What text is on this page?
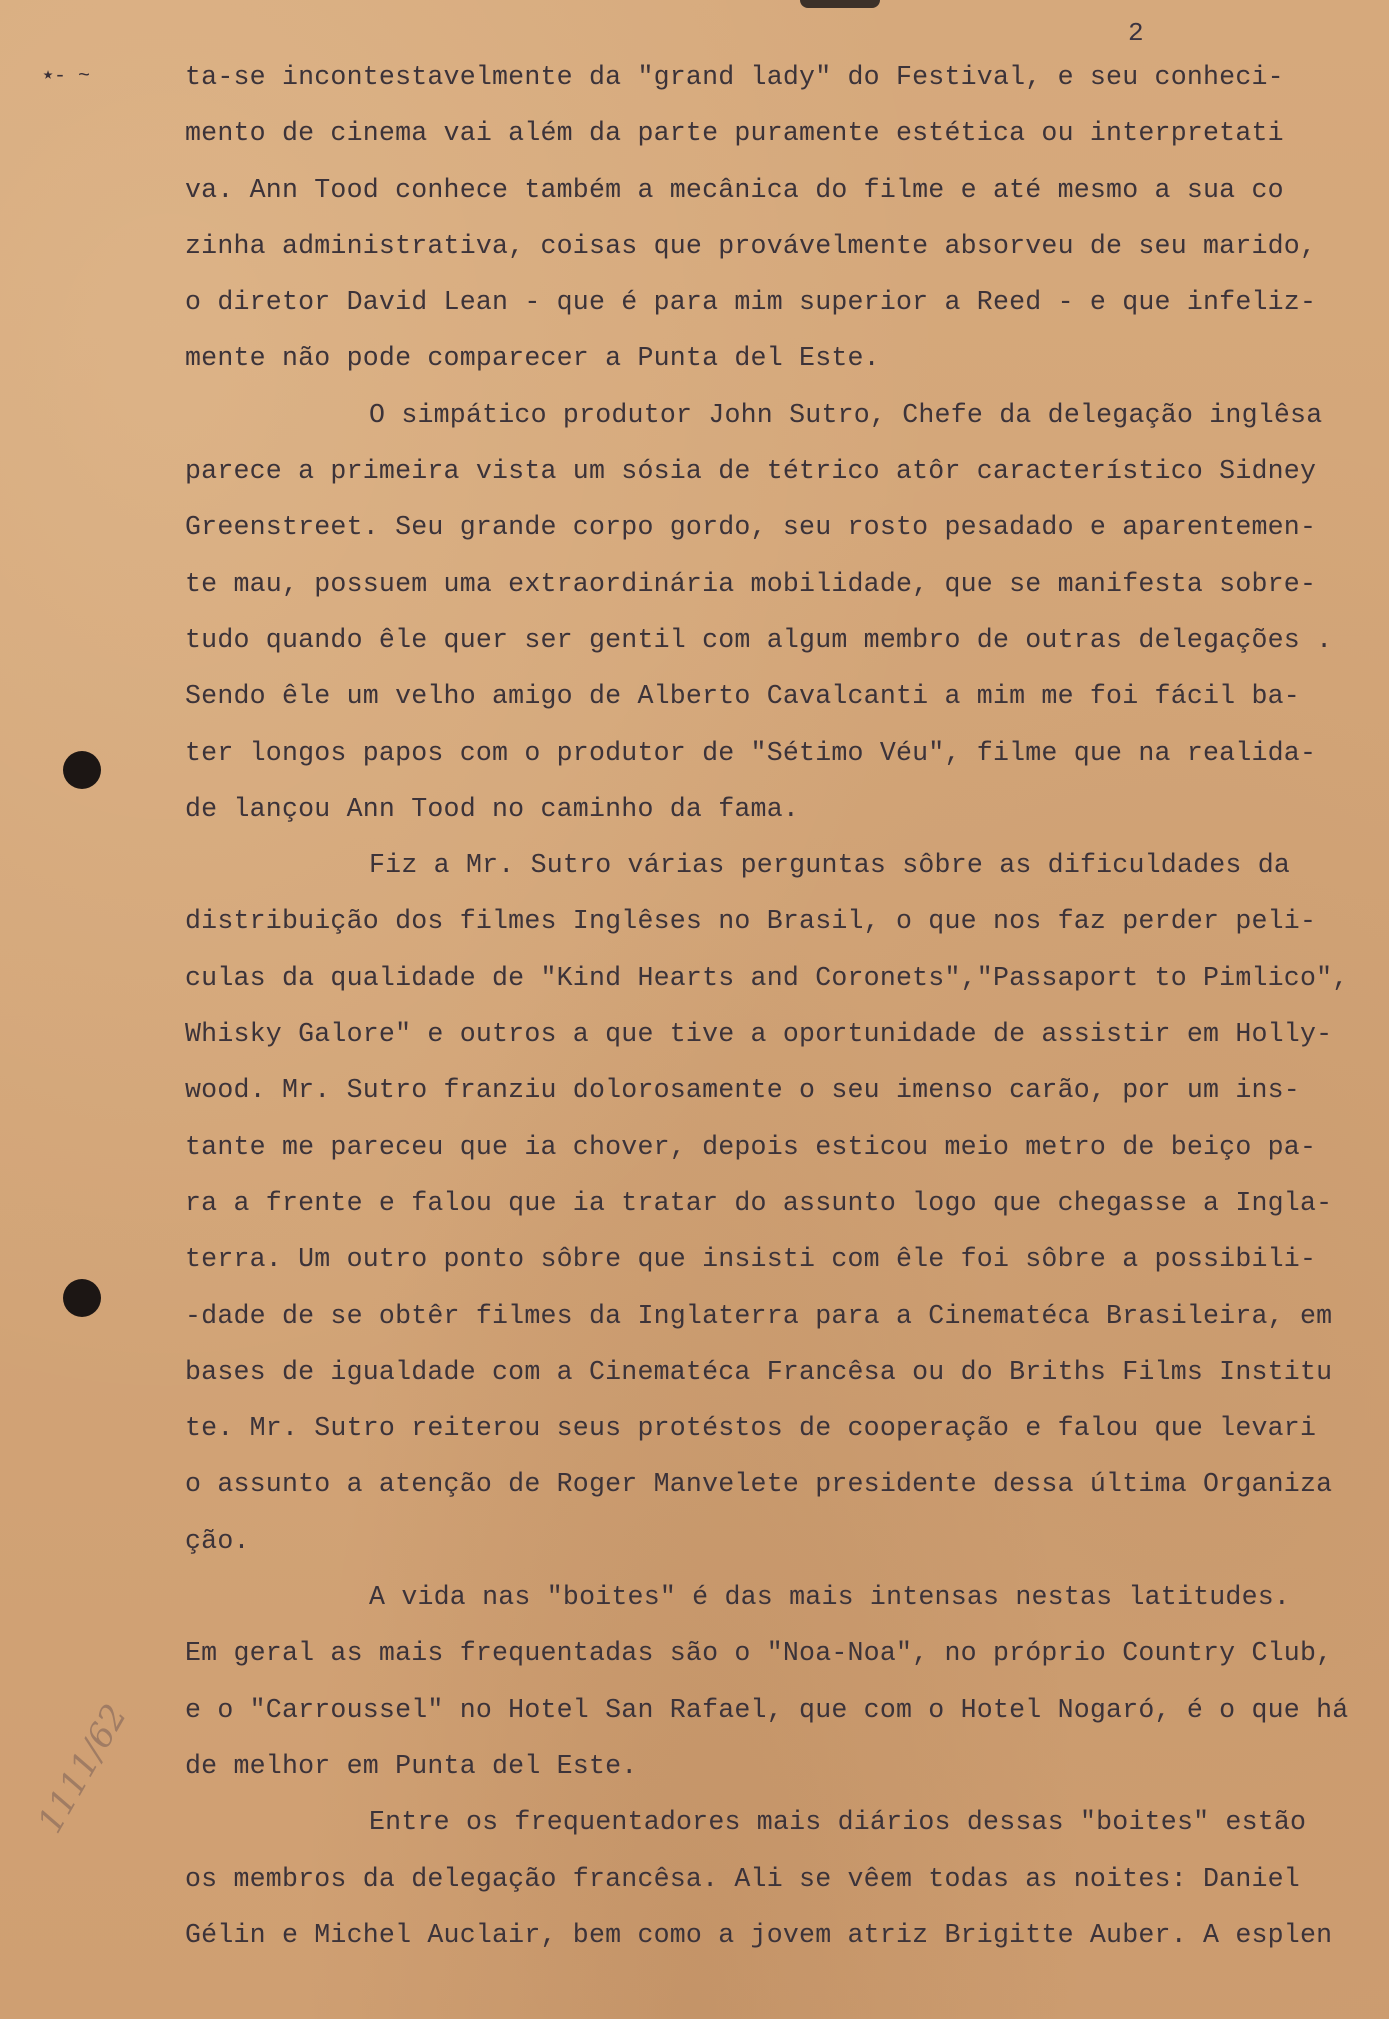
2
٭- ~	ta-se incontestavelmente da "grand lady" do Festival, e seu conheci-
mento de cinema vai além da parte puramente estética ou interpretati
va. Ann Tood conhece também a mecânica do filme e até mesmo a sua co
zinha administrativa, coisas que provávelmente absorveu de seu marido,
o diretor David Lean - que é para mim superior a Reed - e que infeliz-
mente não pode comparecer a Punta del Este.
O simpático produtor John Sutro, Chefe da delegação inglêsa
parece a primeira vista um sósia de tétrico atôr característico Sidney
Greenstreet. Seu grande corpo gordo, seu rosto pesadado e aparentemen-
te mau, possuem uma extraordinária mobilidade, que se manifesta sobre-
tudo quando êle quer ser gentil com algum membro de outras delegações .
Sendo êle um velho amigo de Alberto Cavalcanti a mim me foi fácil ba-
ter longos papos com o produtor de "Sétimo Véu", filme que na realida-
de lançou Ann Tood no caminho da fama.
Fiz a Mr. Sutro várias perguntas sôbre as dificuldades da
distribuição dos filmes Inglêses no Brasil, o que nos faz perder peli-
culas da qualidade de "Kind Hearts and Coronets","Passaport to Pimlico",
Whisky Galore" e outros a que tive a oportunidade de assistir em Holly-
wood. Mr. Sutro franziu dolorosamente o seu imenso carão, por um ins-
tante me pareceu que ia chover, depois esticou meio metro de beiço pa-
ra a frente e falou que ia tratar do assunto logo que chegasse a Ingla-
terra. Um outro ponto sôbre que insisti com êle foi sôbre a possibili-
-dade de se obtêr filmes da Inglaterra para a Cinematéca Brasileira, em
bases de igualdade com a Cinematéca Francêsa ou do Briths Films Institu
te. Mr. Sutro reiterou seus protéstos de cooperação e falou que levari
o assunto a atenção de Roger Manvelete presidente dessa última Organiza
ção.
A vida nas "boites" é das mais intensas nestas latitudes.
Em geral as mais frequentadas são o "Noa-Noa", no próprio Country Club,
e o "Carroussel" no Hotel San Rafael, que com o Hotel Nogaró, é o que há
de melhor em Punta del Este.
Entre os frequentadores mais diários dessas "boites" estão
os membros da delegação francêsa. Ali se vêem todas as noites: Daniel
Gélin e Michel Auclair, bem como a jovem atriz Brigitte Auber. A esplen
1111/62
